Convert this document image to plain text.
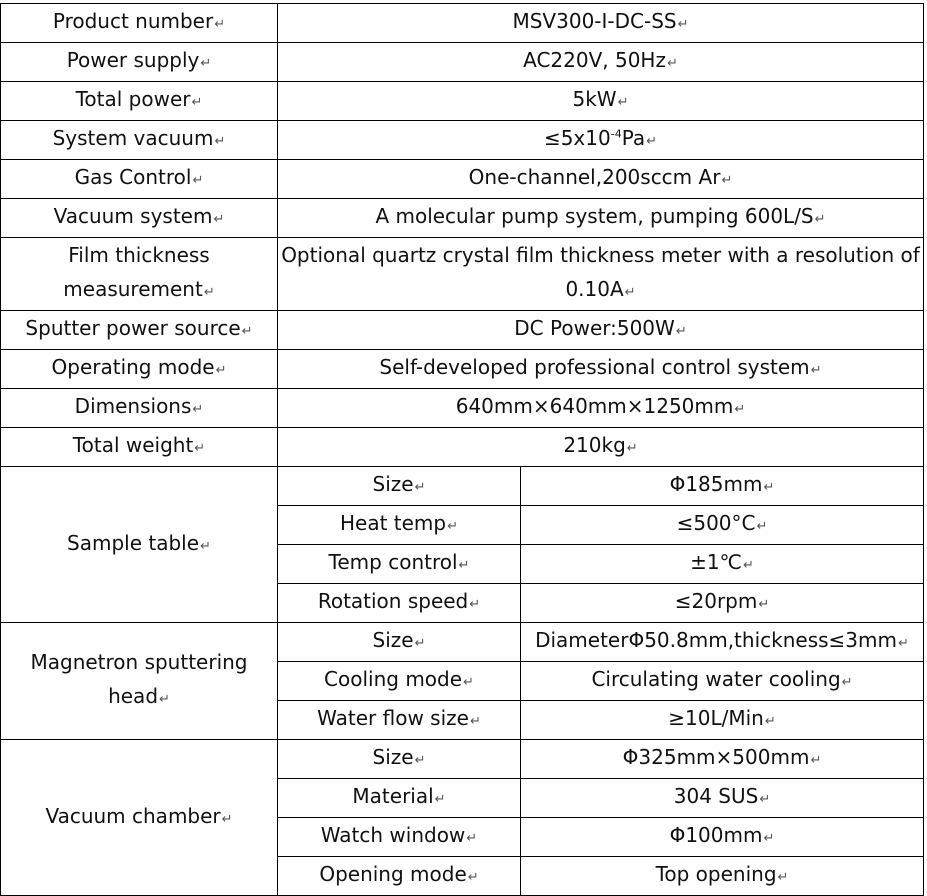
Product number ↵	MSV300-I-DC-SS ↵
Power supply ↵	AC220V, 50Hz ↵
Total power ↵	5kW ↵
System vacuum ↵	$\le 5x10^{-4}Pa$ ↵
Gas Control ↵	One-channel,200sccm Ar ↵
Vacuum system ↵	A molecular pump system, pumping 600L/S ↵
Film thickness measurement ↵	Optional quartz crystal film thickness meter with a resolution of 0.10A ↵
Sputter power source ↵	DC Power:500W ↵
Operating mode ↵	Self-developed professional control system ↵
Dimensions ↵	640mm×640mm×1250mm ↵
Total weight ↵	210kg ↵
Sample table ↵	Size ↵	Φ185mm ↵
	Heat temp ↵	≤500°C ↵
	Temp control ↵	±1℃ ↵
	Rotation speed ↵	≤20rpm ↵
Magnetron sputtering head ↵	Size ↵	DiameterΦ50.8mm,thickness≤3mm ↵
	Cooling mode ↵	Circulating water cooling ↵
	Water flow size ↵	≥10L/Min ↵
Vacuum chamber ↵	Size ↵	Φ325mm×500mm ↵
	Material ↵	304 SUS ↵
	Watch window ↵	Φ100mm ↵
	Opening mode ↵	Top opening ↵
